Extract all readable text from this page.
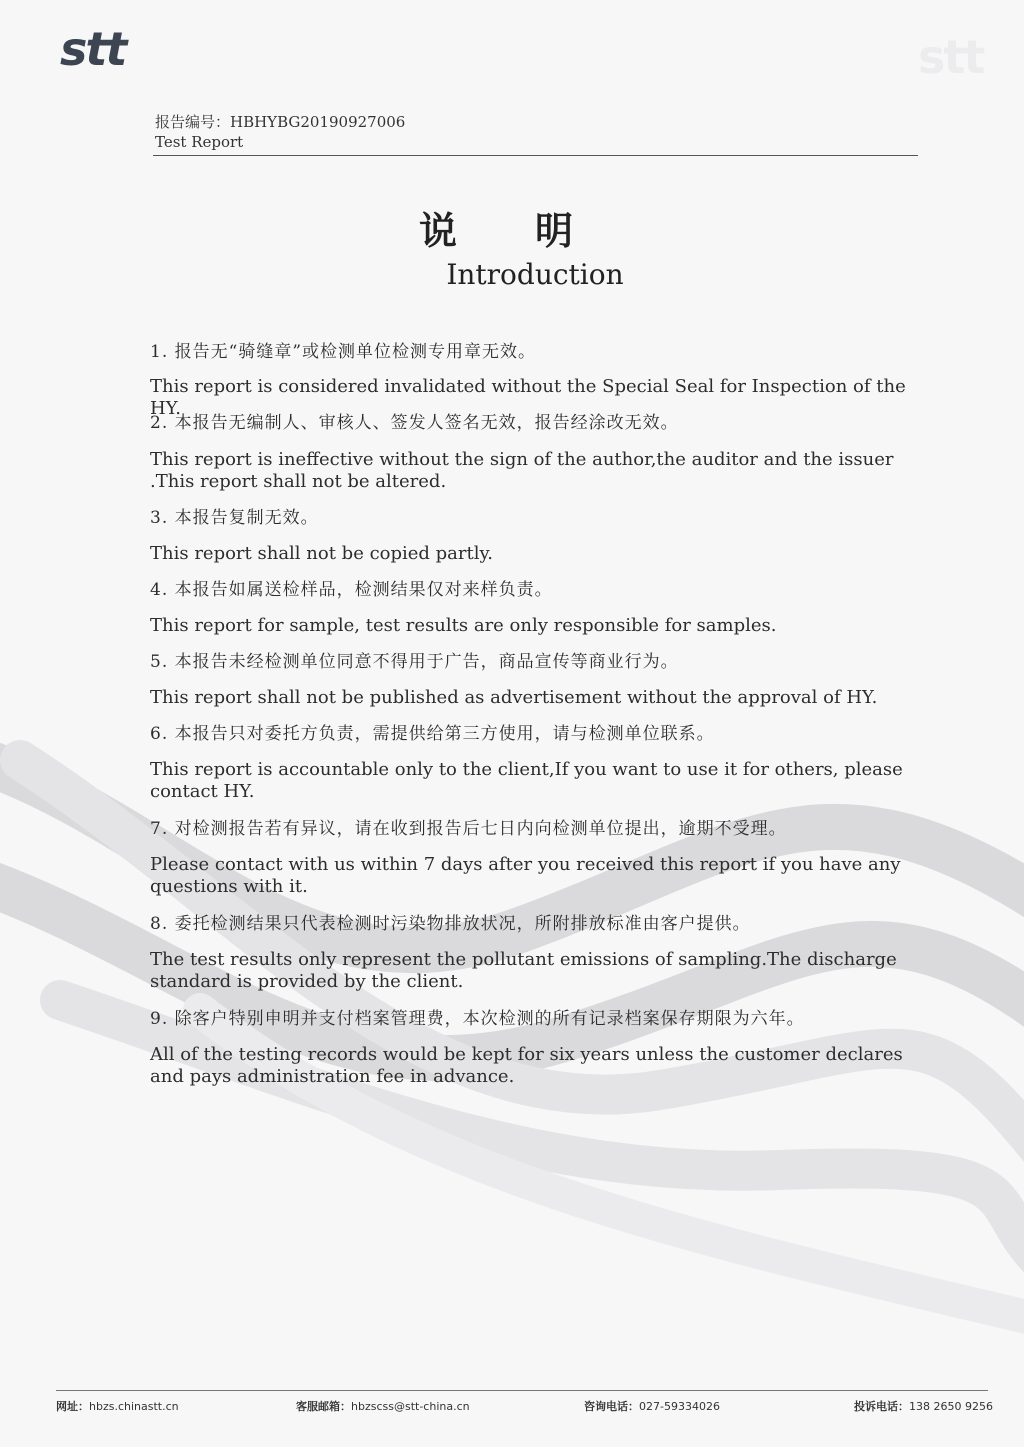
stt	stt
报告编号：HBHYBG20190927006
Test Report
说明
Introduction
1. 报告无“骑缝章”或检测单位检测专用章无效。
This report is considered invalidated without the Special Seal for Inspection of the HY.
2. 本报告无编制人、审核人、签发人签名无效，报告经涂改无效。
This report is ineffective without the sign of the author,the auditor and the issuer .This report shall not be altered.
3. 本报告复制无效。
This report shall not be copied partly.
4. 本报告如属送检样品，检测结果仅对来样负责。
This report for sample, test results are only responsible for samples.
5. 本报告未经检测单位同意不得用于广告，商品宣传等商业行为。
This report shall not be published as advertisement without the approval of HY.
6. 本报告只对委托方负责，需提供给第三方使用，请与检测单位联系。
This report is accountable only to the client,If you want to use it for others, please contact HY.
7. 对检测报告若有异议，请在收到报告后七日内向检测单位提出，逾期不受理。
Please contact with us within 7 days after you received this report if you have any questions with it.
8. 委托检测结果只代表检测时污染物排放状况，所附排放标准由客户提供。
The test results only represent the pollutant emissions of sampling.The discharge standard is provided by the client.
9. 除客户特别申明并支付档案管理费，本次检测的所有记录档案保存期限为六年。
All of the testing records would be kept for six years unless the customer declares and pays administration fee in advance.
网址：hbzs.chinastt.cn	客服邮箱：hbzscss@stt-china.cn	咨询电话：027-59334026	投诉电话：138 2650 9256
